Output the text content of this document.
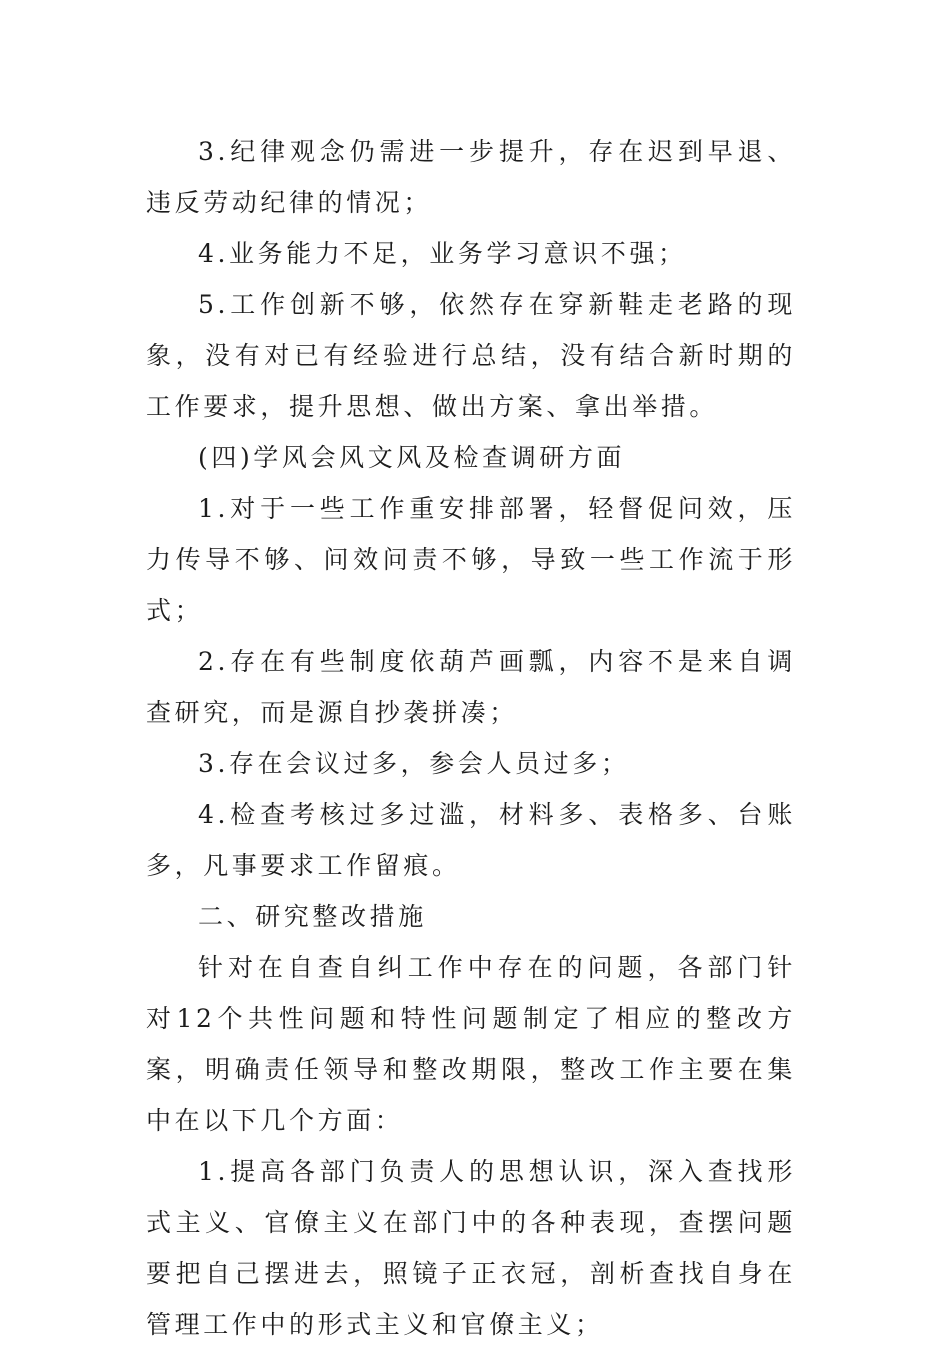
3.纪律观念仍需进一步提升，存在迟到早退、违反劳动纪律的情况；

4.业务能力不足，业务学习意识不强；

5.工作创新不够，依然存在穿新鞋走老路的现象，没有对已有经验进行总结，没有结合新时期的工作要求，提升思想、做出方案、拿出举措。

(四)学风会风文风及检查调研方面

1.对于一些工作重安排部署，轻督促问效，压力传导不够、问效问责不够，导致一些工作流于形式；

2.存在有些制度依葫芦画瓢，内容不是来自调查研究，而是源自抄袭拼凑；

3.存在会议过多，参会人员过多；

4.检查考核过多过滥，材料多、表格多、台账多，凡事要求工作留痕。

二、研究整改措施

针对在自查自纠工作中存在的问题，各部门针对12个共性问题和特性问题制定了相应的整改方案，明确责任领导和整改期限，整改工作主要在集中在以下几个方面：

1.提高各部门负责人的思想认识，深入查找形式主义、官僚主义在部门中的各种表现，查摆问题要把自己摆进去，照镜子正衣冠，剖析查找自身在管理工作中的形式主义和官僚主义；
